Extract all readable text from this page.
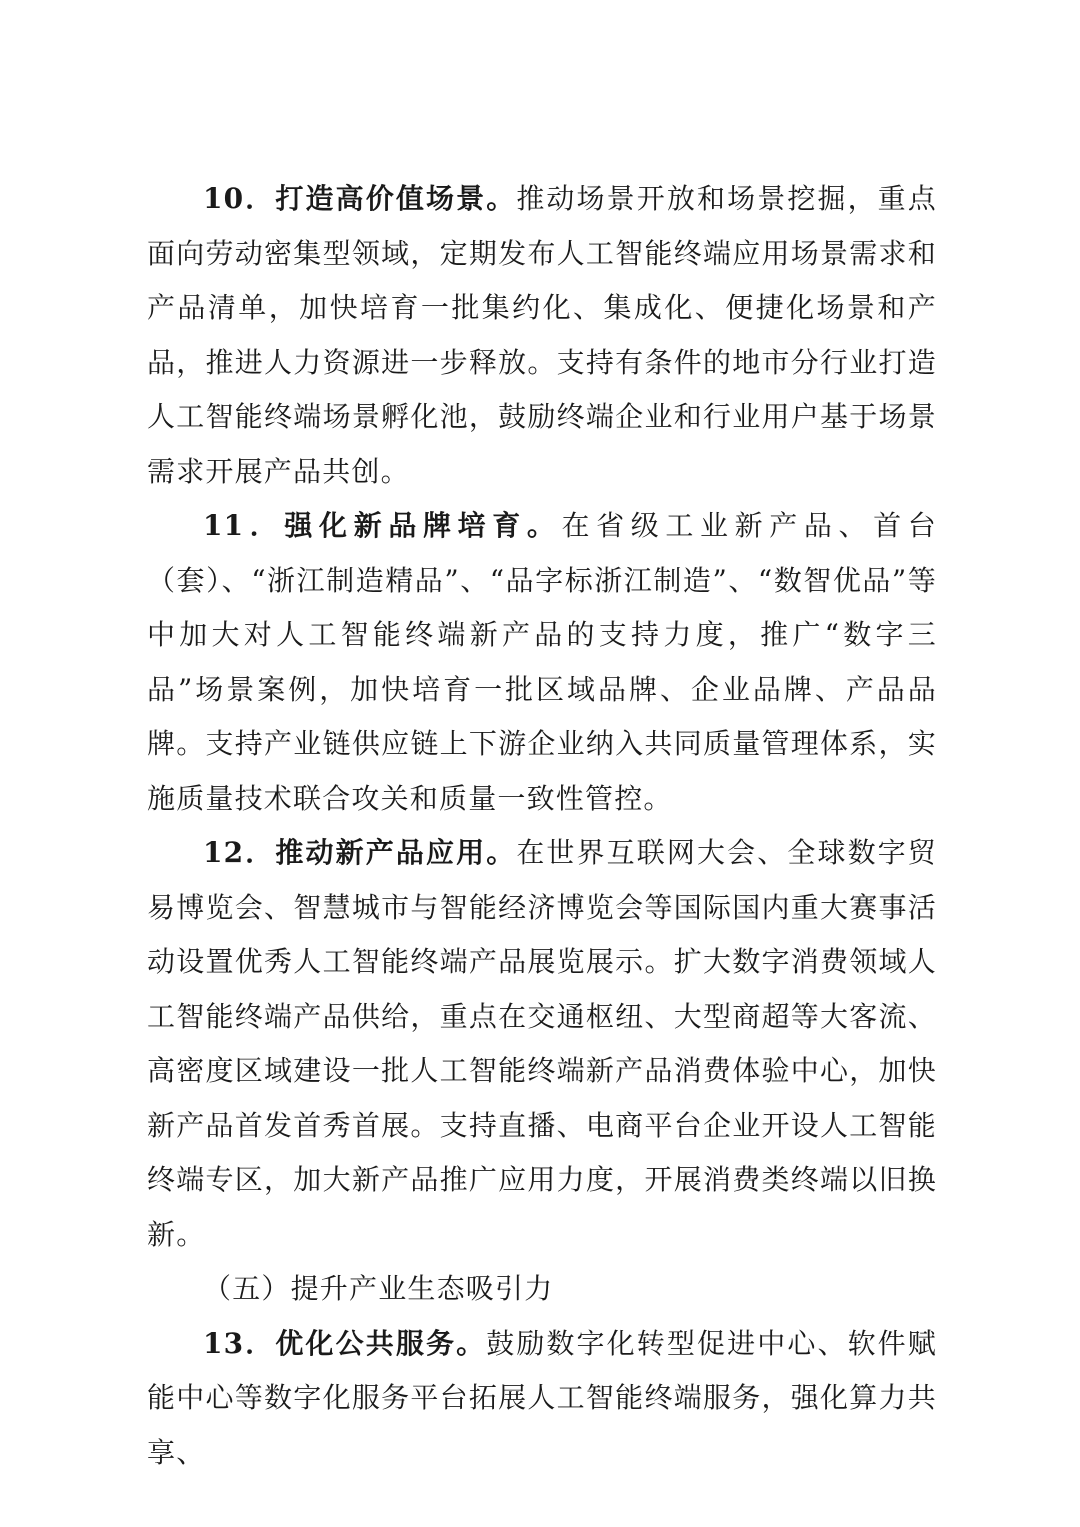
10．打造高价值场景。推动场景开放和场景挖掘，重点面向劳动密集型领域，定期发布人工智能终端应用场景需求和产品清单，加快培育一批集约化、集成化、便捷化场景和产品，推进人力资源进一步释放。支持有条件的地市分行业打造人工智能终端场景孵化池，鼓励终端企业和行业用户基于场景需求开展产品共创。

11．强化新品牌培育。在省级工业新产品、首台（套）、“浙江制造精品”、“品字标浙江制造”、“数智优品”等中加大对人工智能终端新产品的支持力度，推广“数字三品”场景案例，加快培育一批区域品牌、企业品牌、产品品牌。支持产业链供应链上下游企业纳入共同质量管理体系，实施质量技术联合攻关和质量一致性管控。

12．推动新产品应用。在世界互联网大会、全球数字贸易博览会、智慧城市与智能经济博览会等国际国内重大赛事活动设置优秀人工智能终端产品展览展示。扩大数字消费领域人工智能终端产品供给，重点在交通枢纽、大型商超等大客流、高密度区域建设一批人工智能终端新产品消费体验中心，加快新产品首发首秀首展。支持直播、电商平台企业开设人工智能终端专区，加大新产品推广应用力度，开展消费类终端以旧换新。

（五）提升产业生态吸引力

13．优化公共服务。鼓励数字化转型促进中心、软件赋能中心等数字化服务平台拓展人工智能终端服务，强化算力共享、
